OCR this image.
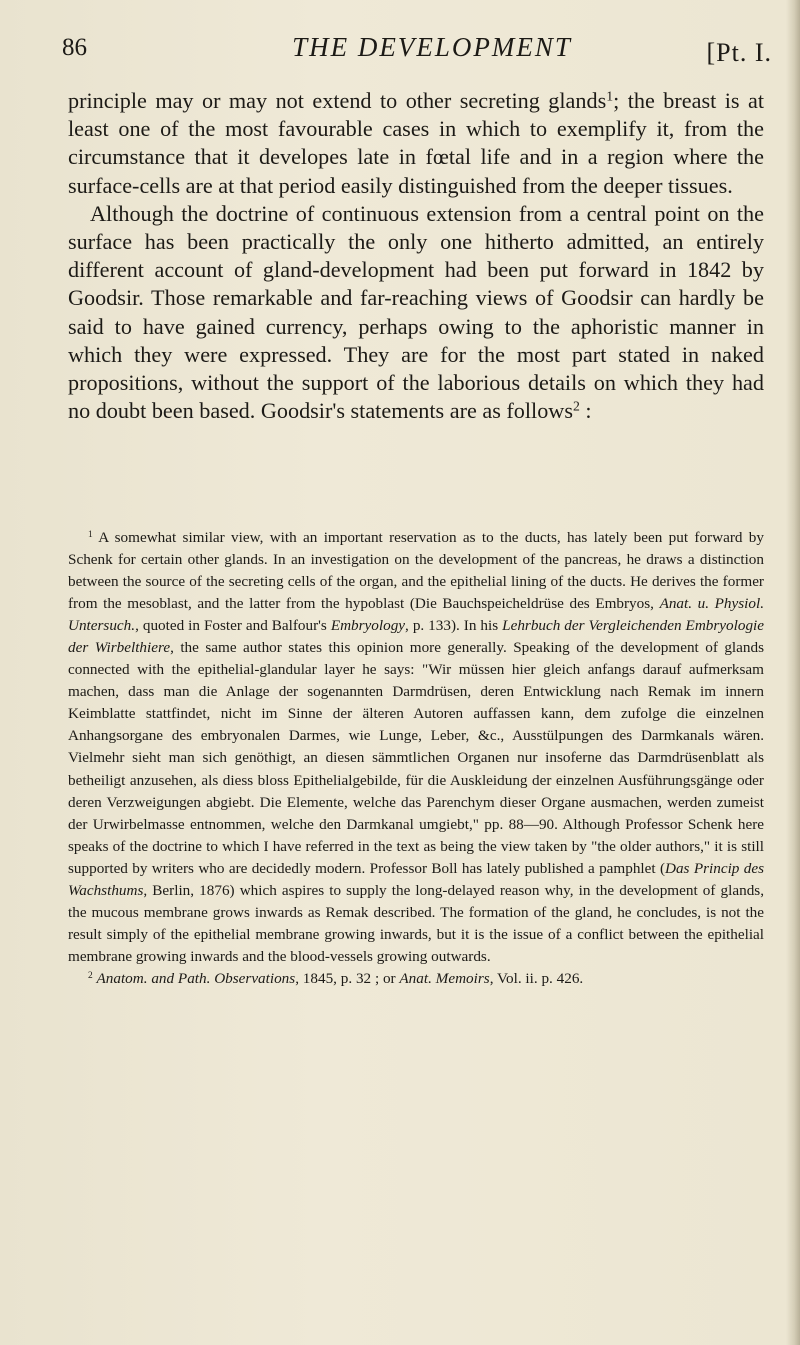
86	THE DEVELOPMENT	[Pt. I.

principle may or may not extend to other secreting glands$^1$; the breast is at least one of the most favourable cases in which to exemplify it, from the circumstance that it developes late in fœtal life and in a region where the surface-cells are at that period easily distinguished from the deeper tissues.

Although the doctrine of continuous extension from a central point on the surface has been practically the only one hitherto admitted, an entirely different account of gland-development had been put forward in 1842 by Goodsir. Those remarkable and far-reaching views of Goodsir can hardly be said to have gained currency, perhaps owing to the aphoristic manner in which they were expressed. They are for the most part stated in naked propositions, without the support of the laborious details on which they had no doubt been based. Goodsir's statements are as follows$^2$ :

$^1$ A somewhat similar view, with an important reservation as to the ducts, has lately been put forward by Schenk for certain other glands. In an investigation on the development of the pancreas, he draws a distinction between the source of the secreting cells of the organ, and the epithelial lining of the ducts. He derives the former from the mesoblast, and the latter from the hypoblast (Die Bauchspeicheldrüse des Embryos, Anat. u. Physiol. Untersuch., quoted in Foster and Balfour's Embryology, p. 133). In his Lehrbuch der Vergleichenden Embryologie der Wirbelthiere, the same author states this opinion more generally. Speaking of the development of glands connected with the epithelial-glandular layer he says: "Wir müssen hier gleich anfangs darauf aufmerksam machen, dass man die Anlage der sogenannten Darmdrüsen, deren Entwicklung nach Remak im innern Keimblatte stattfindet, nicht im Sinne der älteren Autoren auffassen kann, dem zufolge die einzelnen Anhangsorgane des embryonalen Darmes, wie Lunge, Leber, &c., Ausstülpungen des Darmkanals wären. Vielmehr sieht man sich genöthigt, an diesen sämmtlichen Organen nur insoferne das Darmdrüsenblatt als betheiligt anzusehen, als diess bloss Epithelialgebilde, für die Auskleidung der einzelnen Ausführungsgänge oder deren Verzweigungen abgiebt. Die Elemente, welche das Parenchym dieser Organe ausmachen, werden zumeist der Urwirbelmasse entnommen, welche den Darmkanal umgiebt," pp. 88—90. Although Professor Schenk here speaks of the doctrine to which I have referred in the text as being the view taken by "the older authors," it is still supported by writers who are decidedly modern. Professor Boll has lately published a pamphlet (Das Princip des Wachsthums, Berlin, 1876) which aspires to supply the long-delayed reason why, in the development of glands, the mucous membrane grows inwards as Remak described. The formation of the gland, he concludes, is not the result simply of the epithelial membrane growing inwards, but it is the issue of a conflict between the epithelial membrane growing inwards and the blood-vessels growing outwards.

$^2$ Anatom. and Path. Observations, 1845, p. 32 ; or Anat. Memoirs, Vol. ii. p. 426.
